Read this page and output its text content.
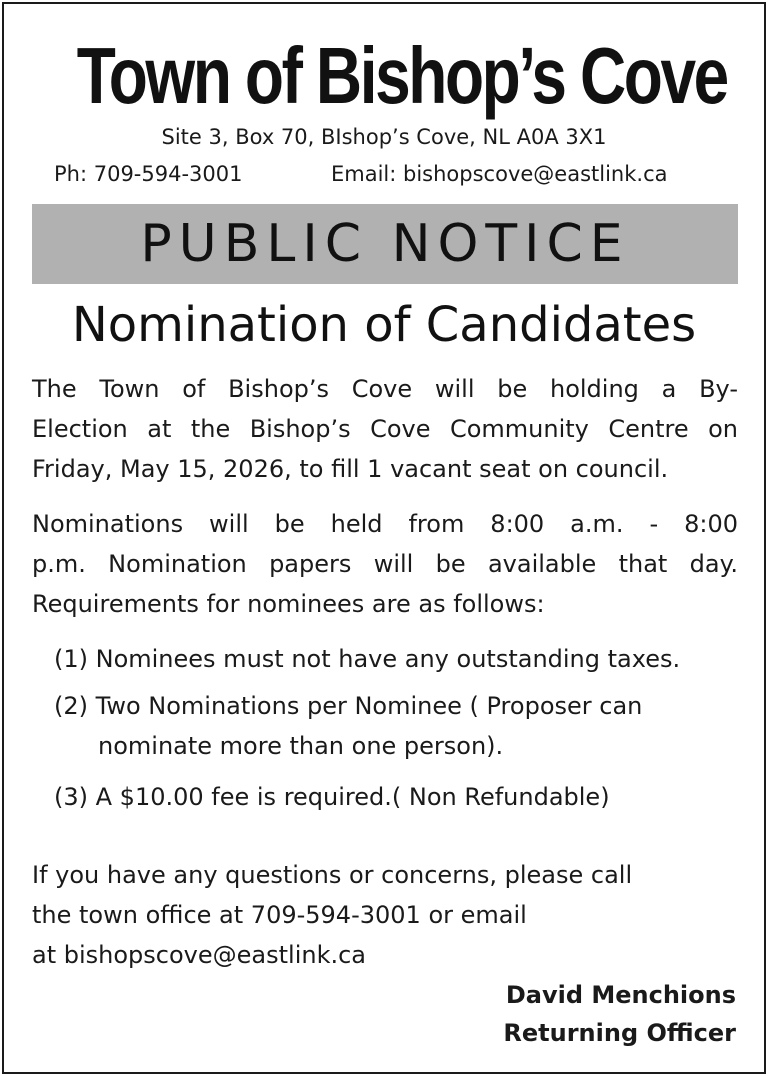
Town of Bishop’s Cove
Site 3, Box 70, BIshop’s Cove, NL A0A 3X1
Ph: 709-594-3001	Email: bishopscove@eastlink.ca
PUBLIC NOTICE
Nomination of Candidates
The Town of Bishop’s Cove will be holding a By-
Election at the Bishop’s Cove Community Centre on
Friday, May 15, 2026, to fill 1 vacant seat on council.
Nominations will be held from 8:00 a.m. - 8:00
p.m. Nomination papers will be available that day.
Requirements for nominees are as follows:
(1) Nominees must not have any outstanding taxes.
(2) Two Nominations per Nominee ( Proposer can
nominate more than one person).
(3) A $10.00 fee is required.( Non Refundable)
If you have any questions or concerns, please call
the town office at 709-594-3001 or email
at bishopscove@eastlink.ca
David Menchions
Returning Officer
